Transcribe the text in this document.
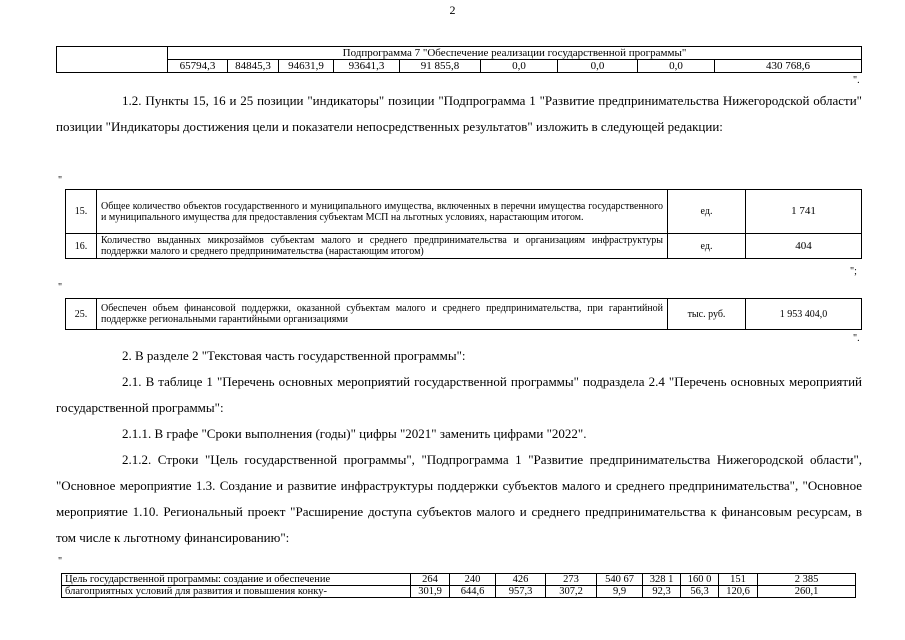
2
	Подпрограмма 7 "Обеспечение реализации государственной программы"								
	65794,3	84845,3	94631,9	93641,3	91 855,8	0,0	0,0	0,0	430 768,6
".
1.2. Пункты 15, 16 и 25 позиции "индикаторы" позиции "Подпрограмма 1 "Развитие предпринимательства Нижегородской области" позиции "Индикаторы достижения цели и показатели непосредственных результатов" изложить в следующей редакции:
"
15.	Общее количество объектов государственного и муниципального имущества, включенных в перечни имущества государственного и муниципального имущества для предоставления субъектам МСП на льготных условиях, нарастающим итогом.	ед.	1 741
16.	Количество выданных микрозаймов субъектам малого и среднего предпринимательства и организациям инфраструктуры поддержки малого и среднего предпринимательства (нарастающим итогом)	ед.	404
";
"
25.	Обеспечен объем финансовой поддержки, оказанной субъектам малого и среднего предпринимательства, при гарантийной поддержке региональными гарантийными организациями	тыс. руб.	1 953 404,0
".
2. В разделе 2 "Текстовая часть государственной программы":
2.1. В таблице 1 "Перечень основных мероприятий государственной программы" подраздела 2.4 "Перечень основных мероприятий государственной программы":
2.1.1. В графе "Сроки выполнения (годы)" цифры "2021" заменить цифрами "2022".
2.1.2. Строки "Цель государственной программы", "Подпрограмма 1 "Развитие предпринимательства Нижегородской области", "Основное мероприятие 1.3. Создание и развитие инфраструктуры поддержки субъектов малого и среднего предпринимательства", "Основное мероприятие 1.10. Региональный проект "Расширение доступа субъектов малого и среднего предпринимательства к финансовым ресурсам, в том числе к льготному финансированию":
"
Цель государственной программы: создание и обеспечение	264	240	426	273	540 67	328 1	160 0	151	2 385
благоприятных условий для развития и повышения конку-	301,9	644,6	957,3	307,2	9,9	92,3	56,3	120,6	260,1
